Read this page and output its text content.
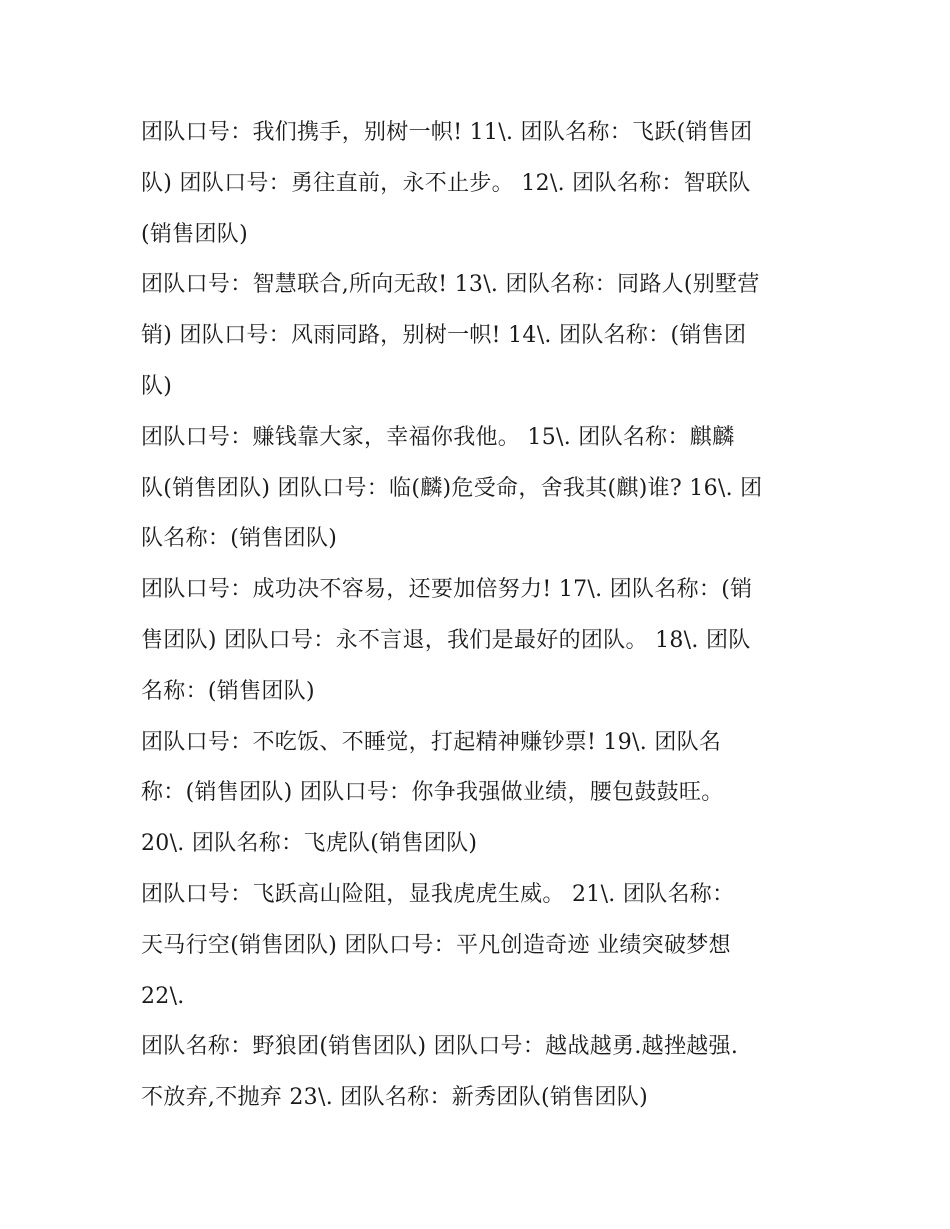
团队口号：我们携手，别树一帜! 11\. 团队名称：飞跃(销售团
队) 团队口号：勇往直前，永不止步。 12\. 团队名称：智联队
(销售团队)
团队口号：智慧联合,所向无敌! 13\. 团队名称：同路人(别墅营
销) 团队口号：风雨同路，别树一帜! 14\. 团队名称：(销售团
队)
团队口号：赚钱靠大家，幸福你我他。 15\. 团队名称：麒麟
队(销售团队) 团队口号：临(麟)危受命，舍我其(麒)谁? 16\. 团
队名称：(销售团队)
团队口号：成功决不容易，还要加倍努力! 17\. 团队名称：(销
售团队) 团队口号：永不言退，我们是最好的团队。 18\. 团队
名称：(销售团队)
团队口号：不吃饭、不睡觉，打起精神赚钞票! 19\. 团队名
称：(销售团队) 团队口号：你争我强做业绩，腰包鼓鼓旺。
20\. 团队名称：飞虎队(销售团队)
团队口号：飞跃高山险阻，显我虎虎生威。 21\. 团队名称：
天马行空(销售团队) 团队口号：平凡创造奇迹 业绩突破梦想
22\.
团队名称：野狼团(销售团队) 团队口号：越战越勇.越挫越强.
不放弃,不抛弃 23\. 团队名称：新秀团队(销售团队)
